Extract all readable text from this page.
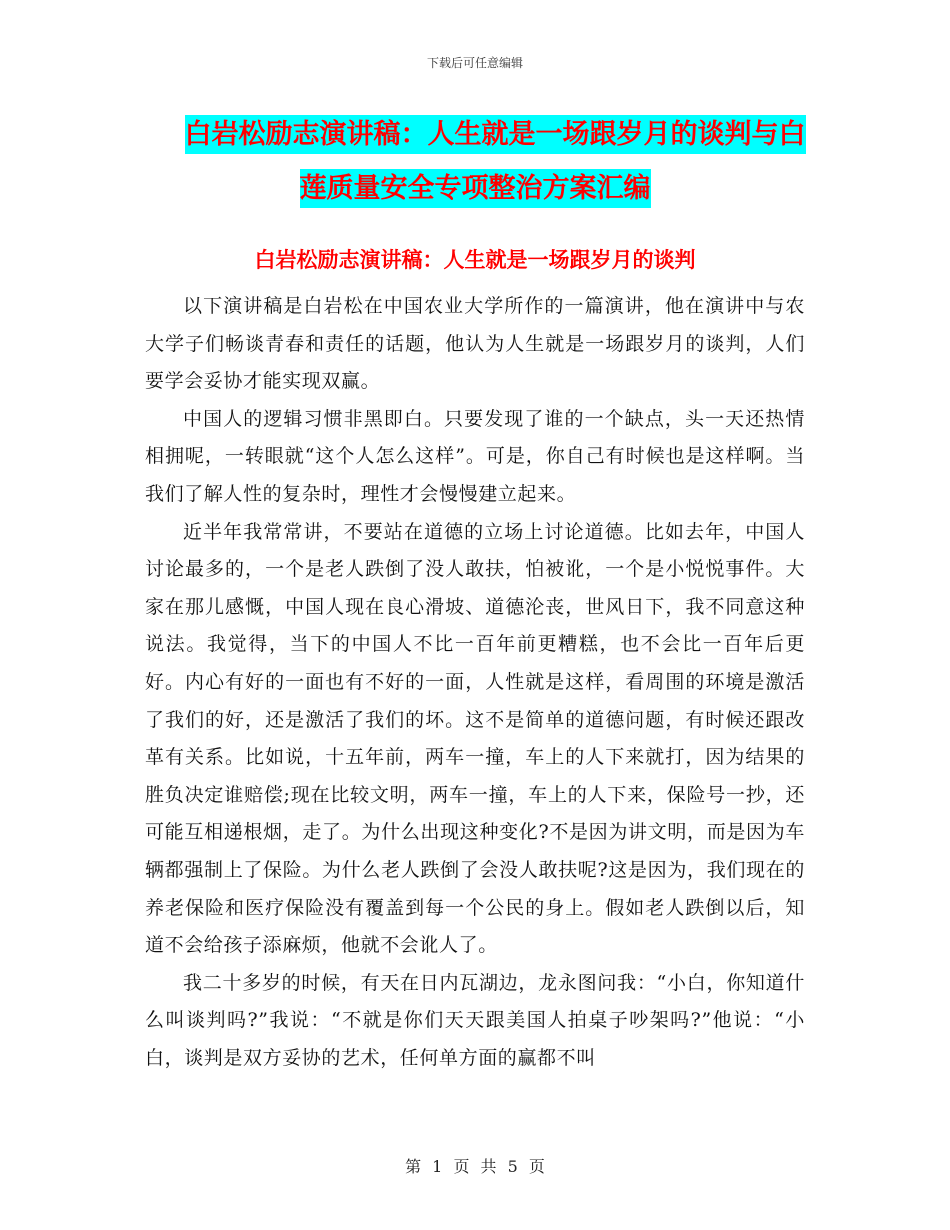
下载后可任意编辑
白岩松励志演讲稿：人生就是一场跟岁月的谈判与白
莲质量安全专项整治方案汇编
白岩松励志演讲稿：人生就是一场跟岁月的谈判

以下演讲稿是白岩松在中国农业大学所作的一篇演讲，他在演讲中与农大学子们畅谈青春和责任的话题，他认为人生就是一场跟岁月的谈判，人们要学会妥协才能实现双赢。

中国人的逻辑习惯非黑即白。只要发现了谁的一个缺点，头一天还热情相拥呢，一转眼就“这个人怎么这样”。可是，你自己有时候也是这样啊。当我们了解人性的复杂时，理性才会慢慢建立起来。

近半年我常常讲，不要站在道德的立场上讨论道德。比如去年，中国人讨论最多的，一个是老人跌倒了没人敢扶，怕被讹，一个是小悦悦事件。大家在那儿感慨，中国人现在良心滑坡、道德沦丧，世风日下，我不同意这种说法。我觉得，当下的中国人不比一百年前更糟糕，也不会比一百年后更好。内心有好的一面也有不好的一面，人性就是这样，看周围的环境是激活了我们的好，还是激活了我们的坏。这不是简单的道德问题，有时候还跟改革有关系。比如说，十五年前，两车一撞，车上的人下来就打，因为结果的胜负决定谁赔偿;现在比较文明，两车一撞，车上的人下来，保险号一抄，还可能互相递根烟，走了。为什么出现这种变化?不是因为讲文明，而是因为车辆都强制上了保险。为什么老人跌倒了会没人敢扶呢?这是因为，我们现在的养老保险和医疗保险没有覆盖到每一个公民的身上。假如老人跌倒以后，知道不会给孩子添麻烦，他就不会讹人了。

我二十多岁的时候，有天在日内瓦湖边，龙永图问我：“小白，你知道什么叫谈判吗?”我说：“不就是你们天天跟美国人拍桌子吵架吗?”他说：“小白，谈判是双方妥协的艺术，任何单方面的赢都不叫

第 1 页 共 5 页
